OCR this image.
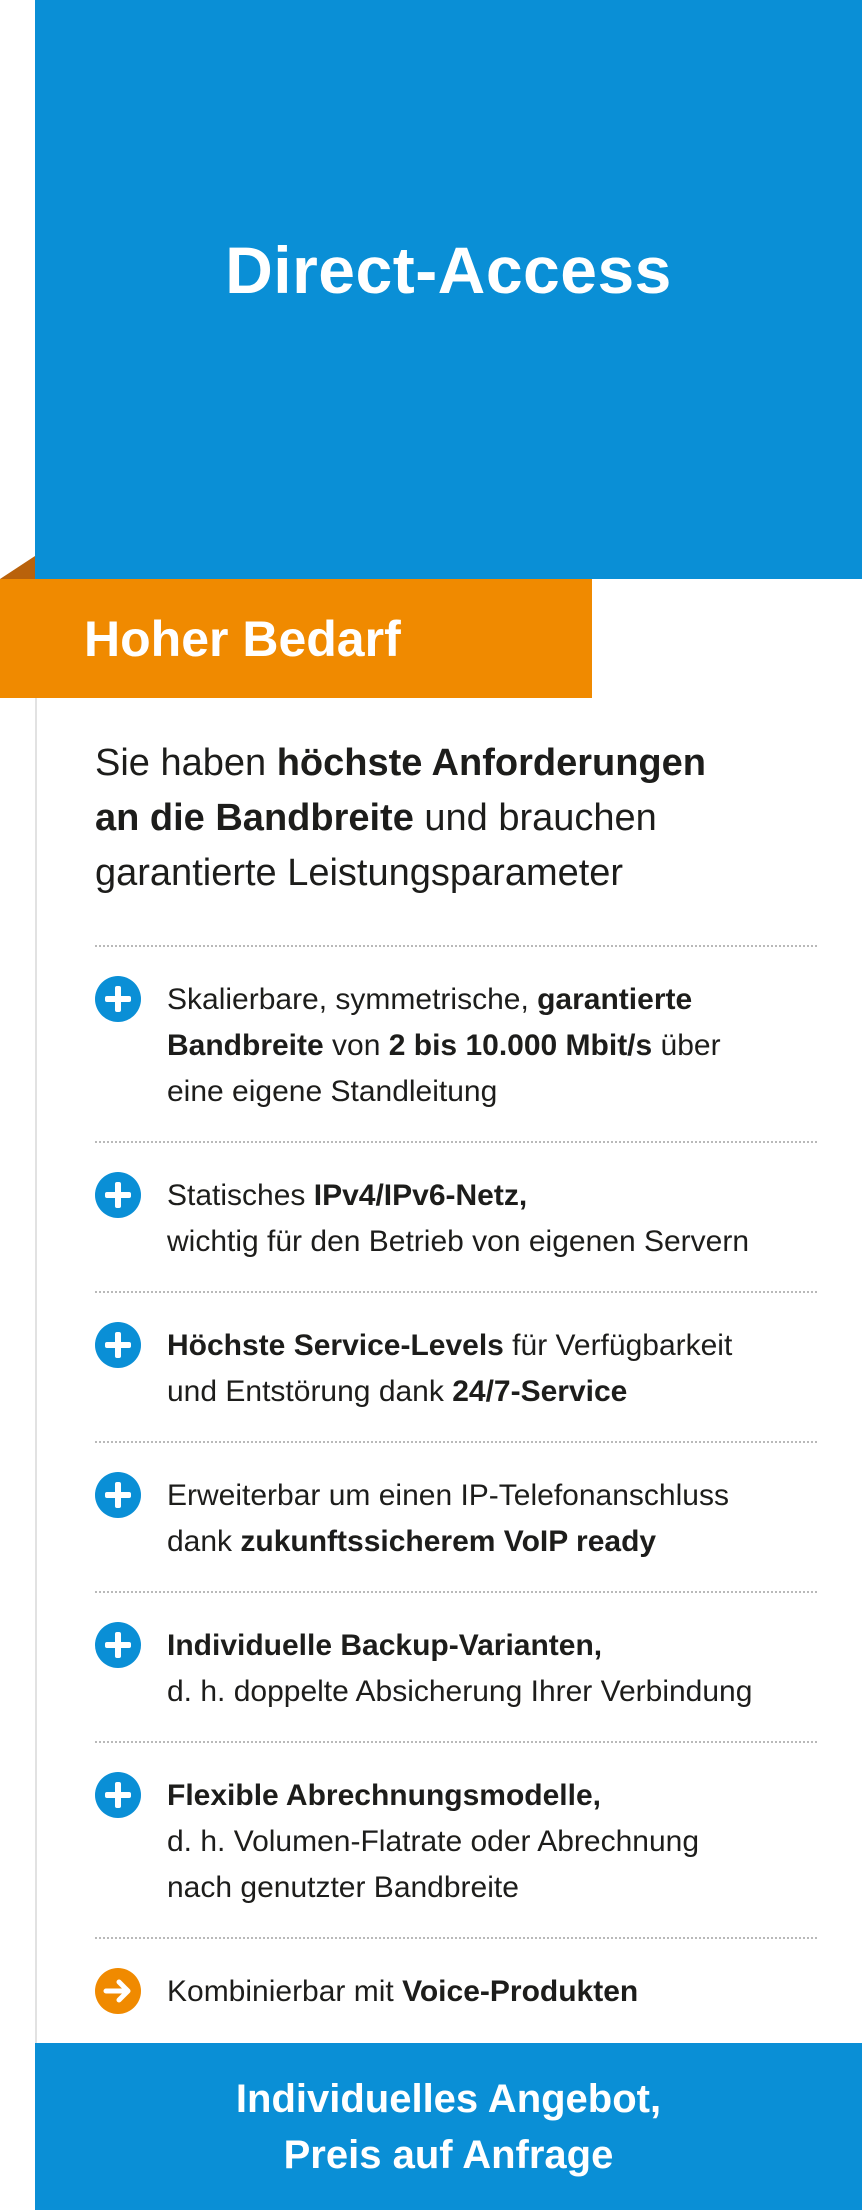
Direct-Access
Hoher Bedarf

Sie haben höchste Anforderungen
an die Bandbreite und brauchen
garantierte Leistungsparameter

Skalierbare, symmetrische, garantierte
Bandbreite von 2 bis 10.000 Mbit/s über
eine eigene Standleitung
Statisches IPv4/IPv6-Netz,
wichtig für den Betrieb von eigenen Servern
Höchste Service-Levels für Verfügbarkeit
und Entstörung dank 24/7-Service
Erweiterbar um einen IP-Telefonanschluss
dank zukunftssicherem VoIP ready
Individuelle Backup-Varianten,
d. h. doppelte Absicherung Ihrer Verbindung
Flexible Abrechnungsmodelle,
d. h. Volumen-Flatrate oder Abrechnung
nach genutzter Bandbreite
Kombinierbar mit Voice-Produkten
Individuelles Angebot,
Preis auf Anfrage
